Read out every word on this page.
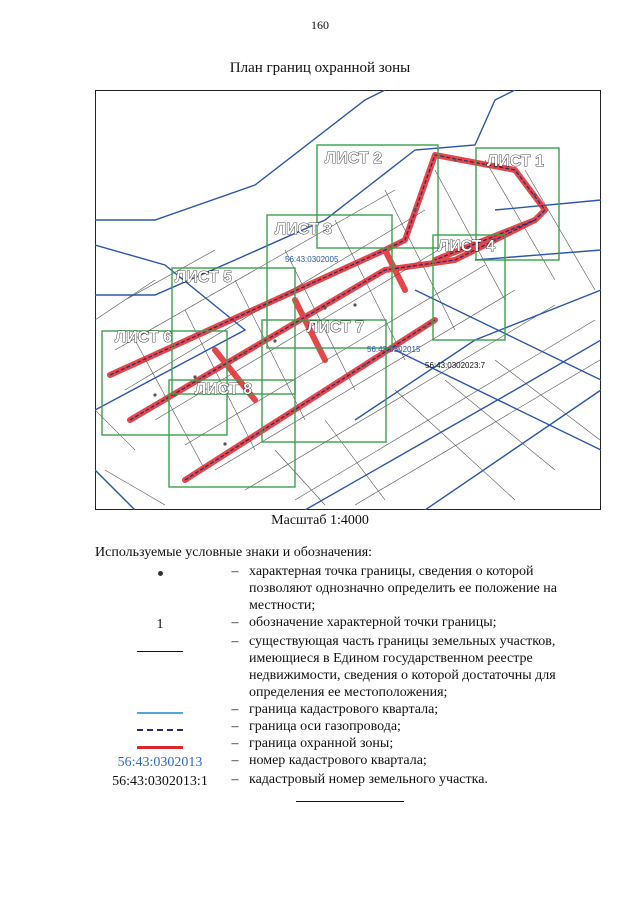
160
План границ охранной зоны
ЛИСТ 1
ЛИСТ 2
ЛИСТ 3
ЛИСТ 4
ЛИСТ 5
ЛИСТ 6
ЛИСТ 7
ЛИСТ 8
56:43:0302005
56:43:0302015
56:43:0302023:7
Масштаб 1:4000
Используемые условные знаки и обозначения:
– характерная точка границы, сведения о которой позволяют однозначно определить ее положение на местности;
1	– обозначение характерной точки границы;
– существующая часть границы земельных участков, имеющиеся в Едином государственном реестре недвижимости, сведения о которой достаточны для определения ее местоположения;
– граница кадастрового квартала;
– граница оси газопровода;
– граница охранной зоны;
56:43:0302013	– номер кадастрового квартала;
56:43:0302013:1	– кадастровый номер земельного участка.
